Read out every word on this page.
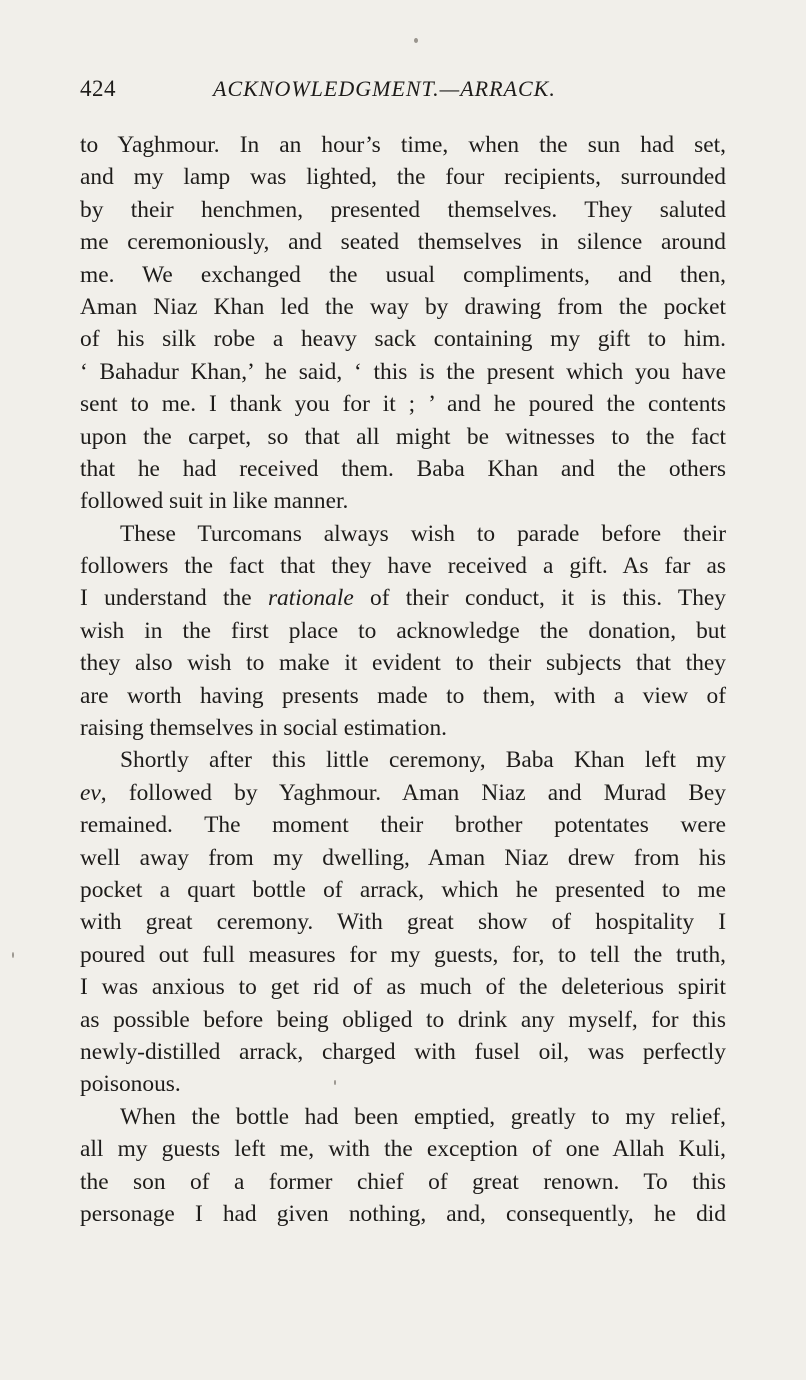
424	ACKNOWLEDGMENT.—ARRACK.
to Yaghmour. In an hour’s time, when the sun had set,
and my lamp was lighted, the four recipients, surrounded
by their henchmen, presented themselves. They saluted
me ceremoniously, and seated themselves in silence around
me. We exchanged the usual compliments, and then,
Aman Niaz Khan led the way by drawing from the pocket
of his silk robe a heavy sack containing my gift to him.
‘ Bahadur Khan,’ he said, ‘ this is the present which you have
sent to me. I thank you for it ; ’ and he poured the contents
upon the carpet, so that all might be witnesses to the fact
that he had received them. Baba Khan and the others
followed suit in like manner.
These Turcomans always wish to parade before their
followers the fact that they have received a gift. As far as
I understand the rationale of their conduct, it is this. They
wish in the first place to acknowledge the donation, but
they also wish to make it evident to their subjects that they
are worth having presents made to them, with a view of
raising themselves in social estimation.
Shortly after this little ceremony, Baba Khan left my
ev, followed by Yaghmour. Aman Niaz and Murad Bey
remained. The moment their brother potentates were
well away from my dwelling, Aman Niaz drew from his
pocket a quart bottle of arrack, which he presented to me
with great ceremony. With great show of hospitality I
poured out full measures for my guests, for, to tell the truth,
I was anxious to get rid of as much of the deleterious spirit
as possible before being obliged to drink any myself, for this
newly-distilled arrack, charged with fusel oil, was perfectly
poisonous.
When the bottle had been emptied, greatly to my relief,
all my guests left me, with the exception of one Allah Kuli,
the son of a former chief of great renown. To this
personage I had given nothing, and, consequently, he did
